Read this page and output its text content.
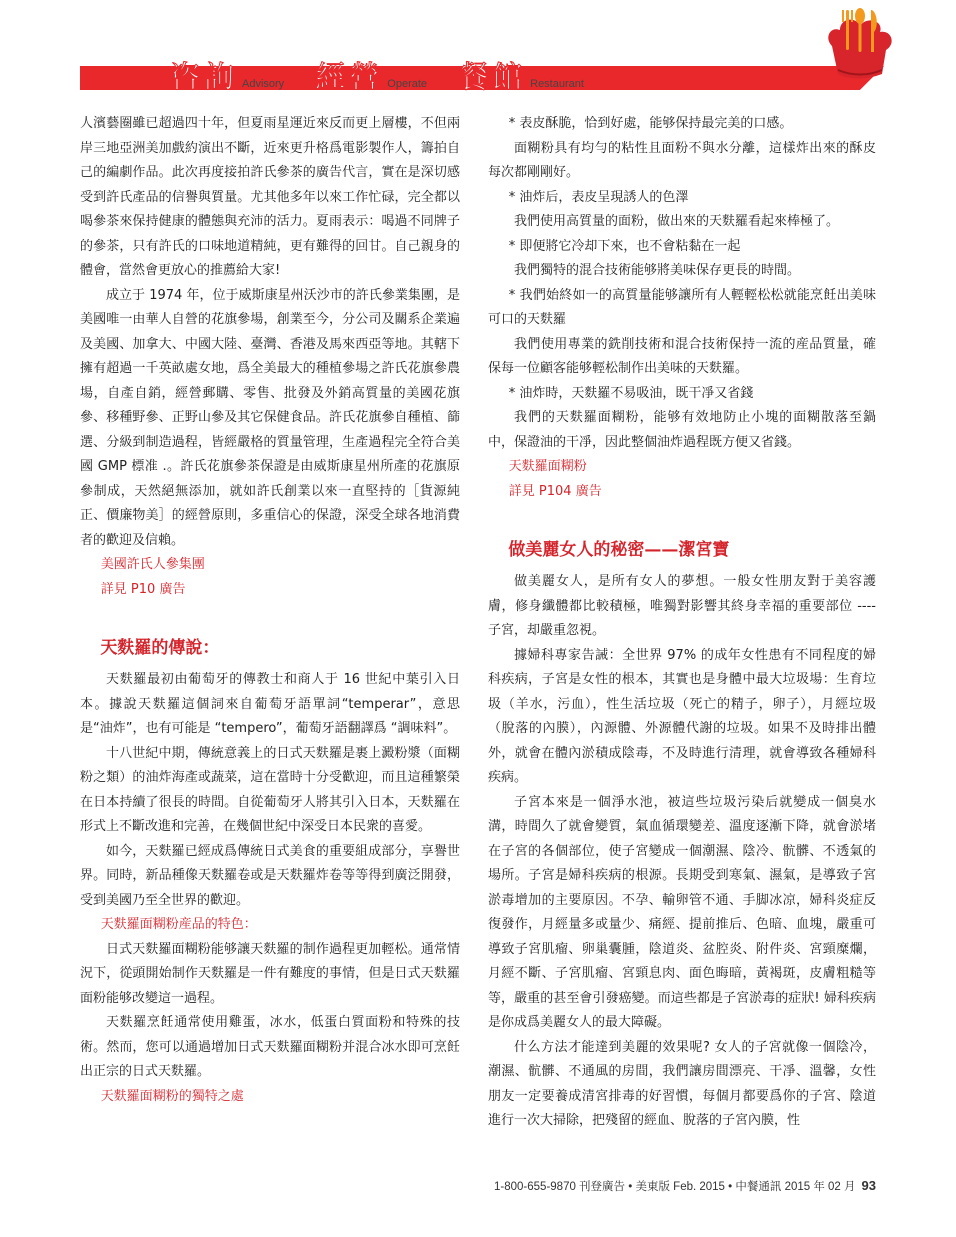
咨詢 Advisory 經營 Operate 餐館 Restaurant

人濱藝圈雖已超過四十年，但夏雨星運近來反而更上層樓，不但兩岸三地亞洲美加戲約演出不斷，近來更升格爲電影製作人，籌拍自己的編劇作品。此次再度接拍許氏參茶的廣告代言，實在是深切感受到許氏產品的信譽與質量。尤其他多年以來工作忙碌，完全都以喝參茶來保持健康的體態與充沛的活力。夏雨表示：喝過不同牌子的參茶，只有許氏的口味地道精純，更有難得的回甘。自己親身的體會，當然會更放心的推薦給大家!

成立于 1974 年，位于威斯康星州沃沙市的許氏參業集團，是美國唯一由華人自營的花旗參場，創業至今，分公司及關系企業遍及美國、加拿大、中國大陸、臺灣、香港及馬來西亞等地。其轄下擁有超過一千英畝處女地，爲全美最大的種植參場之許氏花旗參農場，自產自銷，經營郵購、零售、批發及外銷高質量的美國花旗參、移種野參、正野山參及其它保健食品。許氏花旗參自種植、篩選、分級到制造過程，皆經嚴格的質量管理，生產過程完全符合美國 GMP 標准 .。許氏花旗參茶保證是由威斯康星州所產的花旗原參制成，天然絕無添加，就如許氏創業以來一直堅持的［貨源純正、價廉物美］的經營原則，多重信心的保證，深受全球各地消費者的歡迎及信賴。

美國許氏人參集團
詳見 P10 廣告
天麩羅的傳說：

天麩羅最初由葡萄牙的傳教士和商人于 16 世紀中葉引入日本。據說天麩羅這個詞來自葡萄牙語單詞“temperar”，意思是“油炸”，也有可能是 “tempero”，葡萄牙語翻譯爲 “調味料”。

十八世紀中期，傳統意義上的日式天麩羅是裹上澱粉漿（面糊粉之類）的油炸海產或蔬菜，這在當時十分受歡迎，而且這種繁榮在日本持續了很長的時間。自從葡萄牙人將其引入日本，天麩羅在形式上不斷改進和完善，在幾個世紀中深受日本民衆的喜愛。

如今，天麩羅已經成爲傳統日式美食的重要組成部分，享譽世界。同時，新品種像天麩羅卷或是天麩羅炸卷等等得到廣泛開發，受到美國乃至全世界的歡迎。

天麩羅面糊粉産品的特色：

日式天麩羅面糊粉能够讓天麩羅的制作過程更加輕松。通常情況下，從頭開始制作天麩羅是一件有難度的事情，但是日式天麩羅面粉能够改變這一過程。

天麩羅烹飪通常使用雞蛋，冰水，低蛋白質面粉和特殊的技術。然而，您可以通過增加日式天麩羅面糊粉并混合冰水即可烹飪出正宗的日式天麩羅。

天麩羅面糊粉的獨特之處

* 表皮酥脆，恰到好處，能够保持最完美的口感。

面糊粉具有均勻的粘性且面粉不與水分離，這樣炸出來的酥皮每次都剛剛好。

* 油炸后，表皮呈現誘人的色澤

我們使用高質量的面粉，做出來的天麩羅看起來棒極了。

* 即便將它冷却下來，也不會粘黏在一起

我們獨特的混合技術能够將美味保存更長的時間。

* 我們始終如一的高質量能够讓所有人輕輕松松就能烹飪出美味可口的天麩羅

我們使用專業的銑削技術和混合技術保持一流的産品質量，確保每一位顧客能够輕松制作出美味的天麩羅。

* 油炸時，天麩羅不易吸油，既干凈又省錢

我們的天麩羅面糊粉，能够有效地防止小塊的面糊散落至鍋中，保證油的干凈，因此整個油炸過程既方便又省錢。

天麩羅面糊粉
詳見 P104 廣告
做美麗女人的秘密——潔宮寶

做美麗女人，是所有女人的夢想。一般女性朋友對于美容護膚，修身纖體都比較積極，唯獨對影響其終身幸福的重要部位 ---- 子宮，却嚴重忽視。

據婦科專家告誡：全世界 97% 的成年女性患有不同程度的婦科疾病，子宮是女性的根本，其實也是身體中最大垃圾場：生育垃圾（羊水，污血），性生活垃圾（死亡的精子，卵子），月經垃圾（脫落的內膜），內源體、外源體代謝的垃圾。如果不及時排出體外，就會在體內淤積成陰毒，不及時進行清理，就會導致各種婦科疾病。

子宮本來是一個淨水池，被這些垃圾污染后就變成一個臭水溝，時間久了就會變質，氣血循環變差、溫度逐漸下降，就會淤堵在子宮的各個部位，使子宮變成一個潮濕、陰冷、骯髒、不透氣的場所。子宮是婦科疾病的根源。長期受到寒氣、濕氣，是導致子宮淤毒增加的主要原因。不孕、輸卵管不通、手脚冰凉，婦科炎症反復發作，月經量多或量少、痛經、提前推后、色暗、血塊，嚴重可導致子宮肌瘤、卵巢囊腫，陰道炎、盆腔炎、附件炎、宮頸糜爛，月經不斷、子宮肌瘤、宮頸息肉、面色晦暗，黃褐斑，皮膚粗糙等等，嚴重的甚至會引發癌變。而這些都是子宮淤毒的症狀! 婦科疾病是你成爲美麗女人的最大障礙。

什么方法才能達到美麗的效果呢? 女人的子宮就像一個陰冷，潮濕、骯髒、不通風的房間，我們讓房間漂亮、干凈、溫馨，女性朋友一定要養成清宮排毒的好習慣，每個月都要爲你的子宮、陰道進行一次大掃除，把殘留的經血、脫落的子宮內膜，性

1-800-655-9870 刊登廣告 • 美東版 Feb. 2015 • 中餐通訊 2015 年 02 月 93
